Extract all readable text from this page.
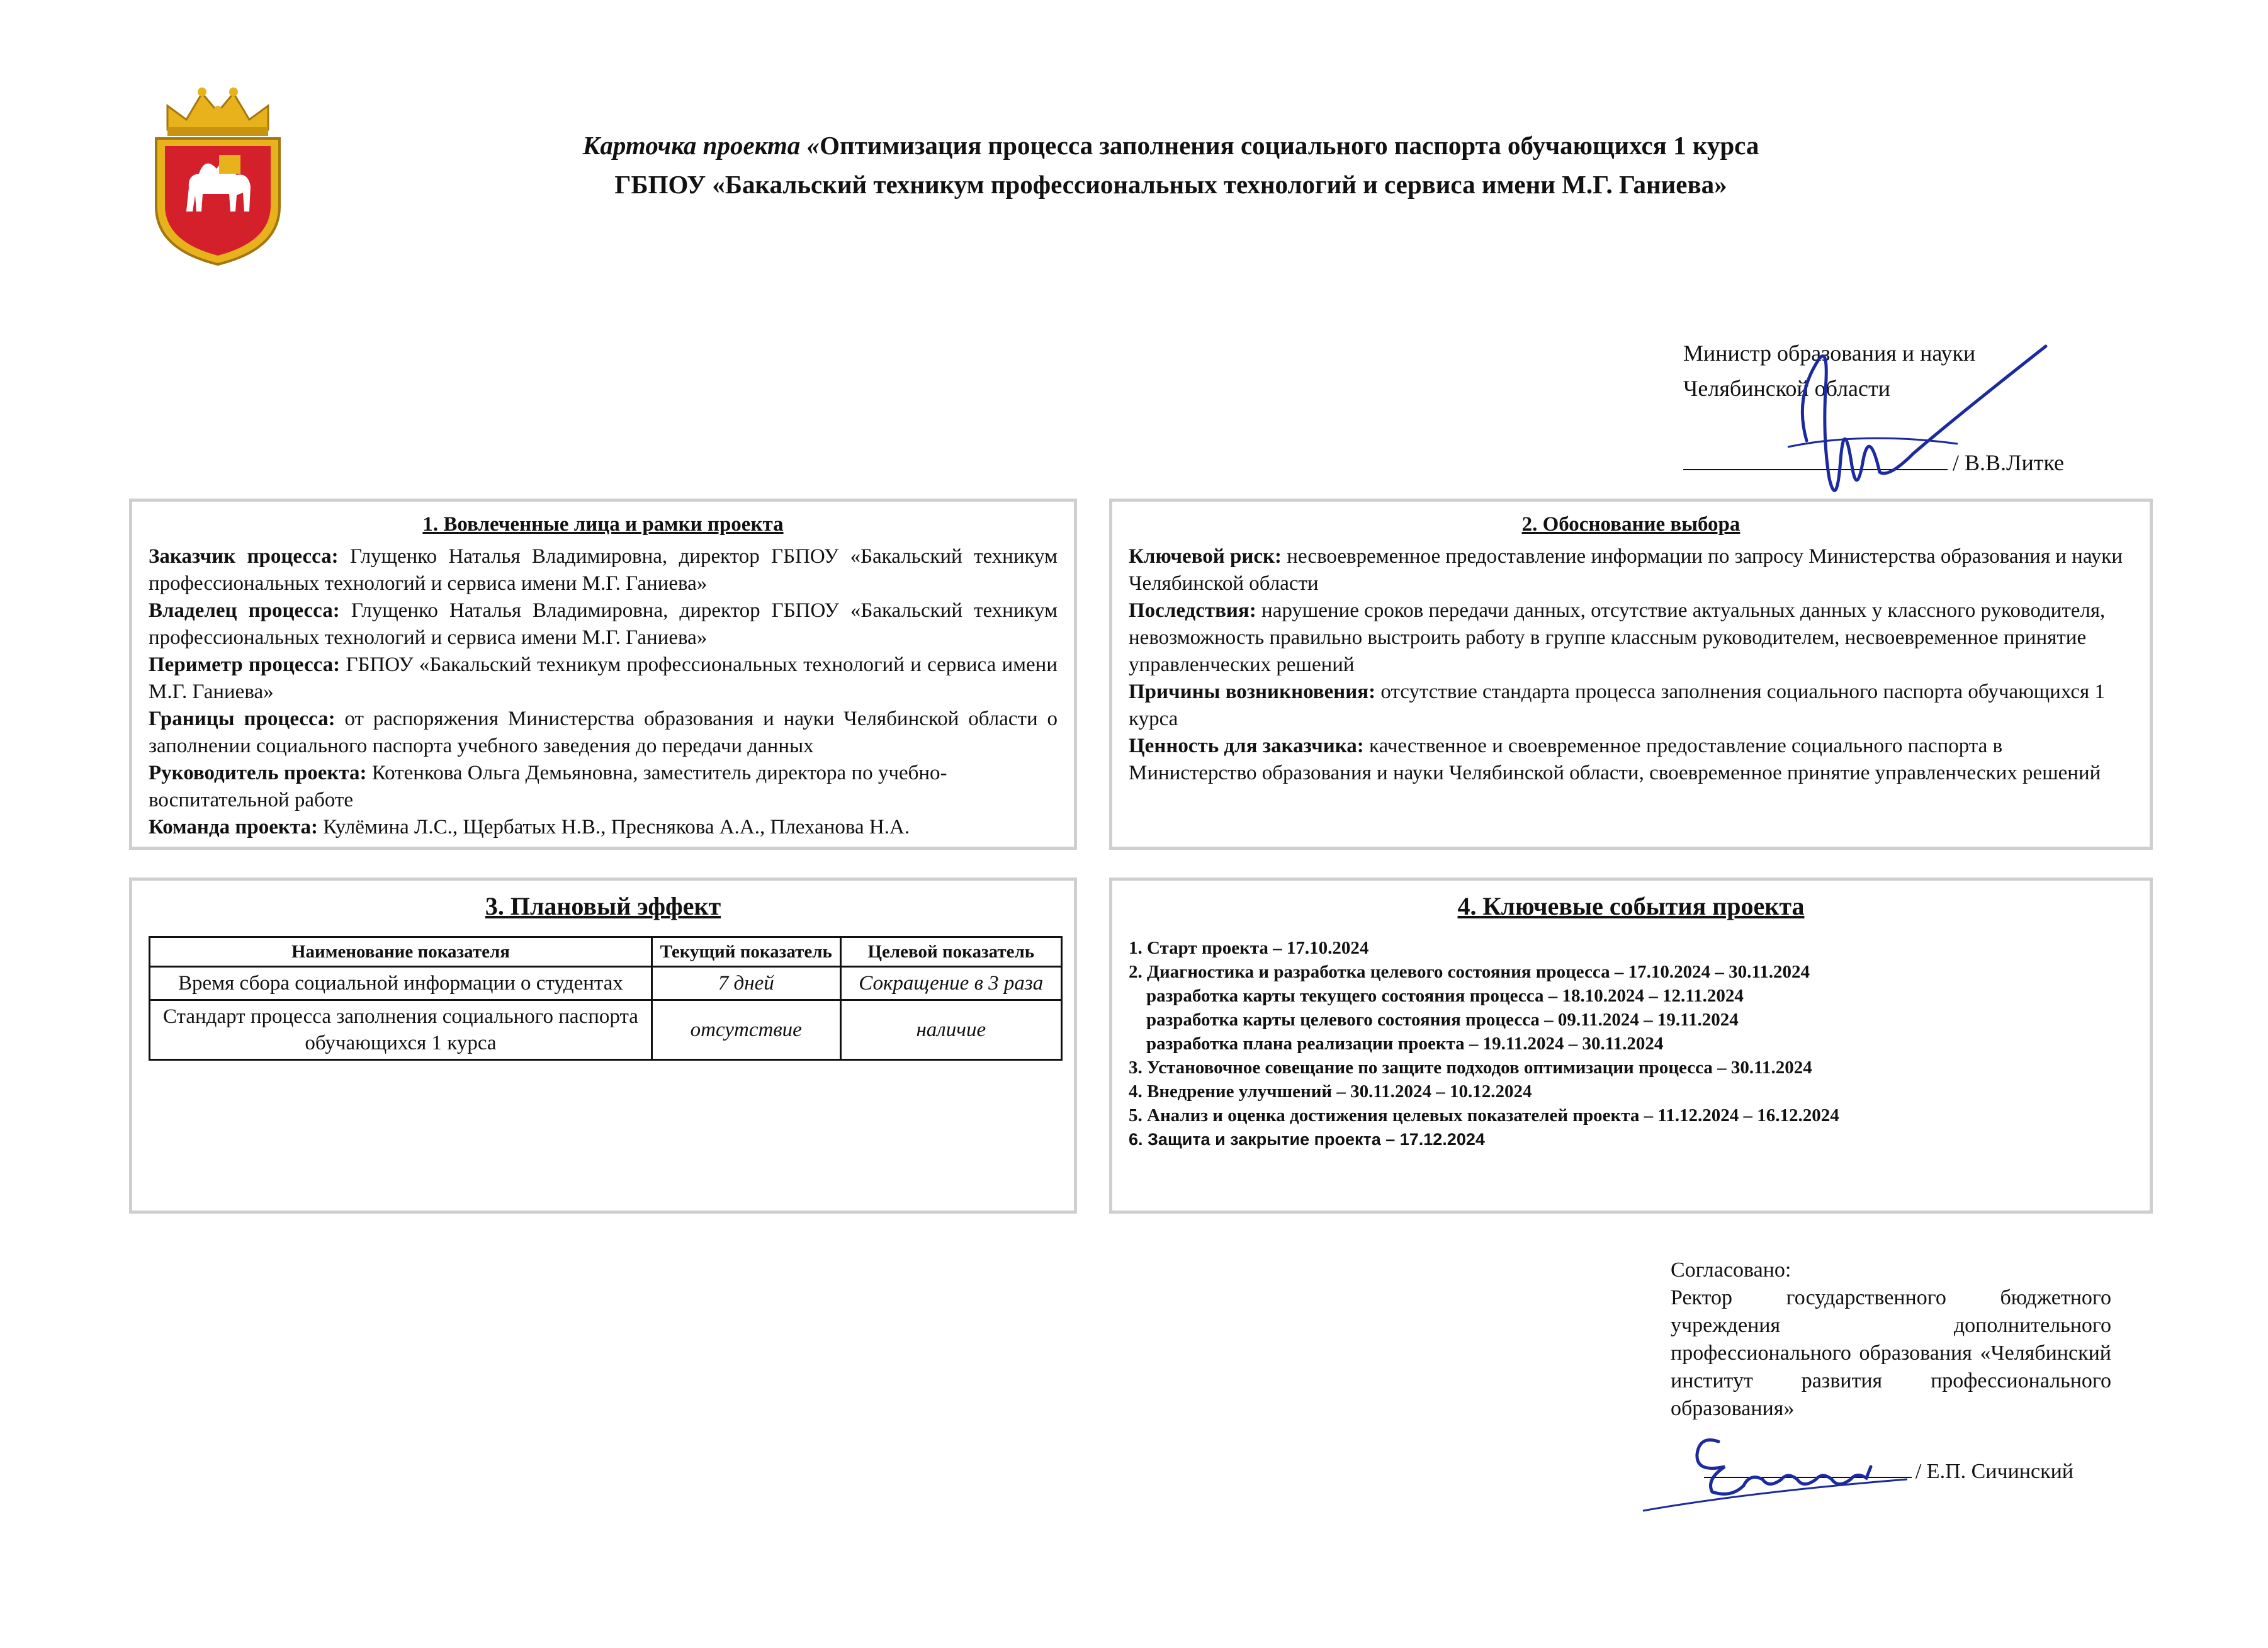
Карточка проекта «Оптимизация процесса заполнения социального паспорта обучающихся 1 курса
ГБПОУ «Бакальский техникум профессиональных технологий и сервиса имени М.Г. Ганиева»
Министр образования и науки
Челябинской области
/ В.В.Литке
1. Вовлеченные лица и рамки проекта

Заказчик процесса: Глущенко Наталья Владимировна, директор ГБПОУ «Бакальский техникум профессиональных технологий и сервиса имени М.Г. Ганиева»

Владелец процесса: Глущенко Наталья Владимировна, директор ГБПОУ «Бакальский техникум профессиональных технологий и сервиса имени М.Г. Ганиева»

Периметр процесса: ГБПОУ «Бакальский техникум профессиональных технологий и сервиса имени М.Г. Ганиева»

Границы процесса: от распоряжения Министерства образования и науки Челябинской области о заполнении социального паспорта учебного заведения до передачи данных

Руководитель проекта: Котенкова Ольга Демьяновна, заместитель директора по учебно-воспитательной работе

Команда проекта: Кулёмина Л.С., Щербатых Н.В., Преснякова А.А., Плеханова Н.А.

2. Обоснование выбора

Ключевой риск: несвоевременное предоставление информации по запросу Министерства образования и науки Челябинской области

Последствия: нарушение сроков передачи данных, отсутствие актуальных данных у классного руководителя, невозможность правильно выстроить работу в группе классным руководителем, несвоевременное принятие управленческих решений

Причины возникновения: отсутствие стандарта процесса заполнения социального паспорта обучающихся 1 курса

Ценность для заказчика: качественное и своевременное предоставление социального паспорта в Министерство образования и науки Челябинской области, своевременное принятие управленческих решений

3. Плановый эффект
Наименование показателя	Текущий показатель	Целевой показатель
Время сбора социальной информации о студентах	7 дней	Сокращение в 3 раза
Стандарт процесса заполнения социального паспорта обучающихся 1 курса	отсутствие	наличие
4. Ключевые события проекта
1. Старт проекта – 17.10.2024
2. Диагностика и разработка целевого состояния процесса – 17.10.2024 – 30.11.2024
разработка карты текущего состояния процесса – 18.10.2024 – 12.11.2024
разработка карты целевого состояния процесса – 09.11.2024 – 19.11.2024
разработка плана реализации проекта – 19.11.2024 – 30.11.2024
3. Установочное совещание по защите подходов оптимизации процесса – 30.11.2024
4. Внедрение улучшений – 30.11.2024 – 10.12.2024
5. Анализ и оценка достижения целевых показателей проекта – 11.12.2024 – 16.12.2024
6. Защита и закрытие проекта – 17.12.2024

Согласовано:

Ректор государственного бюджетного учреждения дополнительного профессионального образования «Челябинский институт развития профессионального образования»

/ Е.П. Сичинский
